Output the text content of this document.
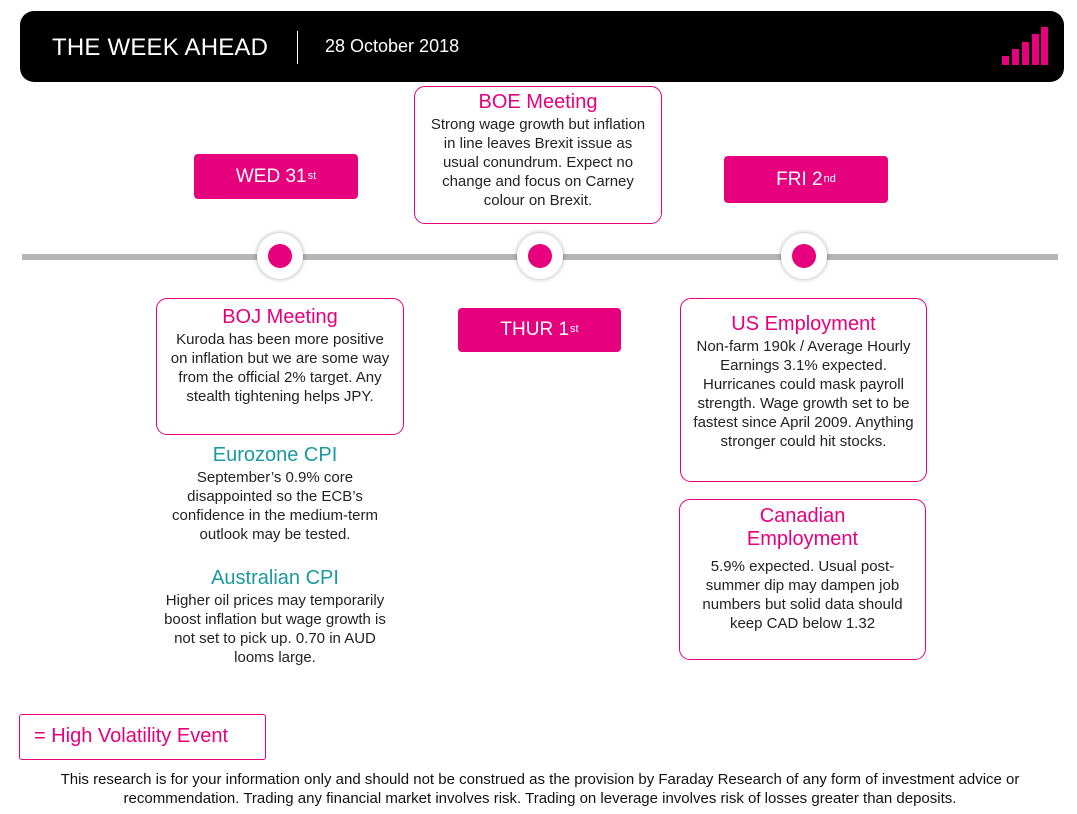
THE WEEK AHEAD	28 October 2018
WED 31st
THUR 1st
FRI 2nd
BOE Meeting
Strong wage growth but inflation in line leaves Brexit issue as usual conundrum. Expect no change and focus on Carney colour on Brexit.
BOJ Meeting
Kuroda has been more positive on inflation but we are some way from the official 2% target. Any stealth tightening helps JPY.
Eurozone CPI
September’s 0.9% core disappointed so the ECB’s confidence in the medium-term outlook may be tested.
Australian CPI
Higher oil prices may temporarily boost inflation but wage growth is not set to pick up. 0.70 in AUD looms large.
US Employment
Non-farm 190k / Average Hourly Earnings 3.1% expected. Hurricanes could mask payroll strength. Wage growth set to be fastest since April 2009. Anything stronger could hit stocks.
Canadian Employment
5.9% expected. Usual post-summer dip may dampen job numbers but solid data should keep CAD below 1.32
= High Volatility Event
This research is for your information only and should not be construed as the provision by Faraday Research of any form of investment advice or recommendation. Trading any financial market involves risk. Trading on leverage involves risk of losses greater than deposits.
